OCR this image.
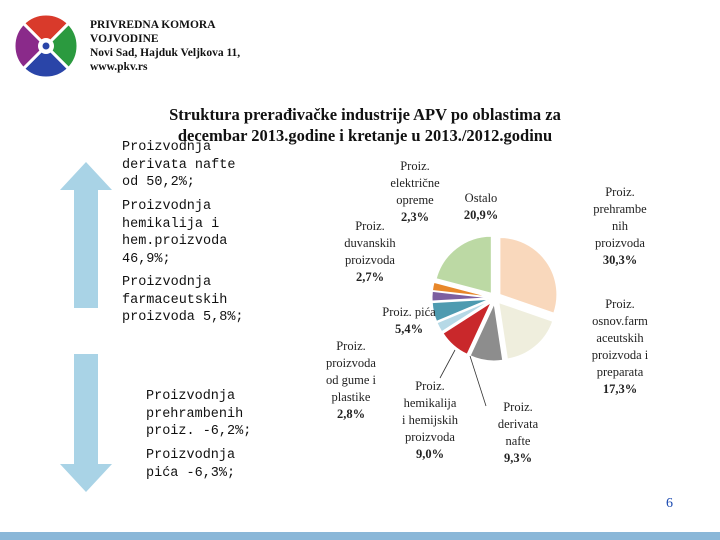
PRIVREDNA KOMORA
VOJVODINE
Novi Sad, Hajduk Veljkova 11,
www.pkv.rs
Struktura prerađivačke industrije APV po oblastima za
decembar 2013.godine i kretanje u 2013./2012.godinu
Proizvodnja
derivata nafte
od 50,2%;
Proizvodnja
hemikalija i
hem.proizvoda
46,9%;
Proizvodnja
farmaceutskih
proizvoda 5,8%;
Proizvodnja
prehrambenih
proiz. -6,2%;
Proizvodnja
pića -6,3%;
Proiz.
prehrambe
nih
proizvoda
30,3%
Proiz.
osnov.farm
aceutskih
proizvoda i
preparata
17,3%
Proiz.
derivata
nafte
9,3%
Proiz.
hemikalija
i hemijskih
proizvoda
9,0%
Proiz.
proizvoda
od gume i
plastike
2,8%
Proiz. pića
5,4%
Proiz.
duvanskih
proizvoda
2,7%
Proiz.
električne
opreme
2,3%
Ostalo
20,9%
6
